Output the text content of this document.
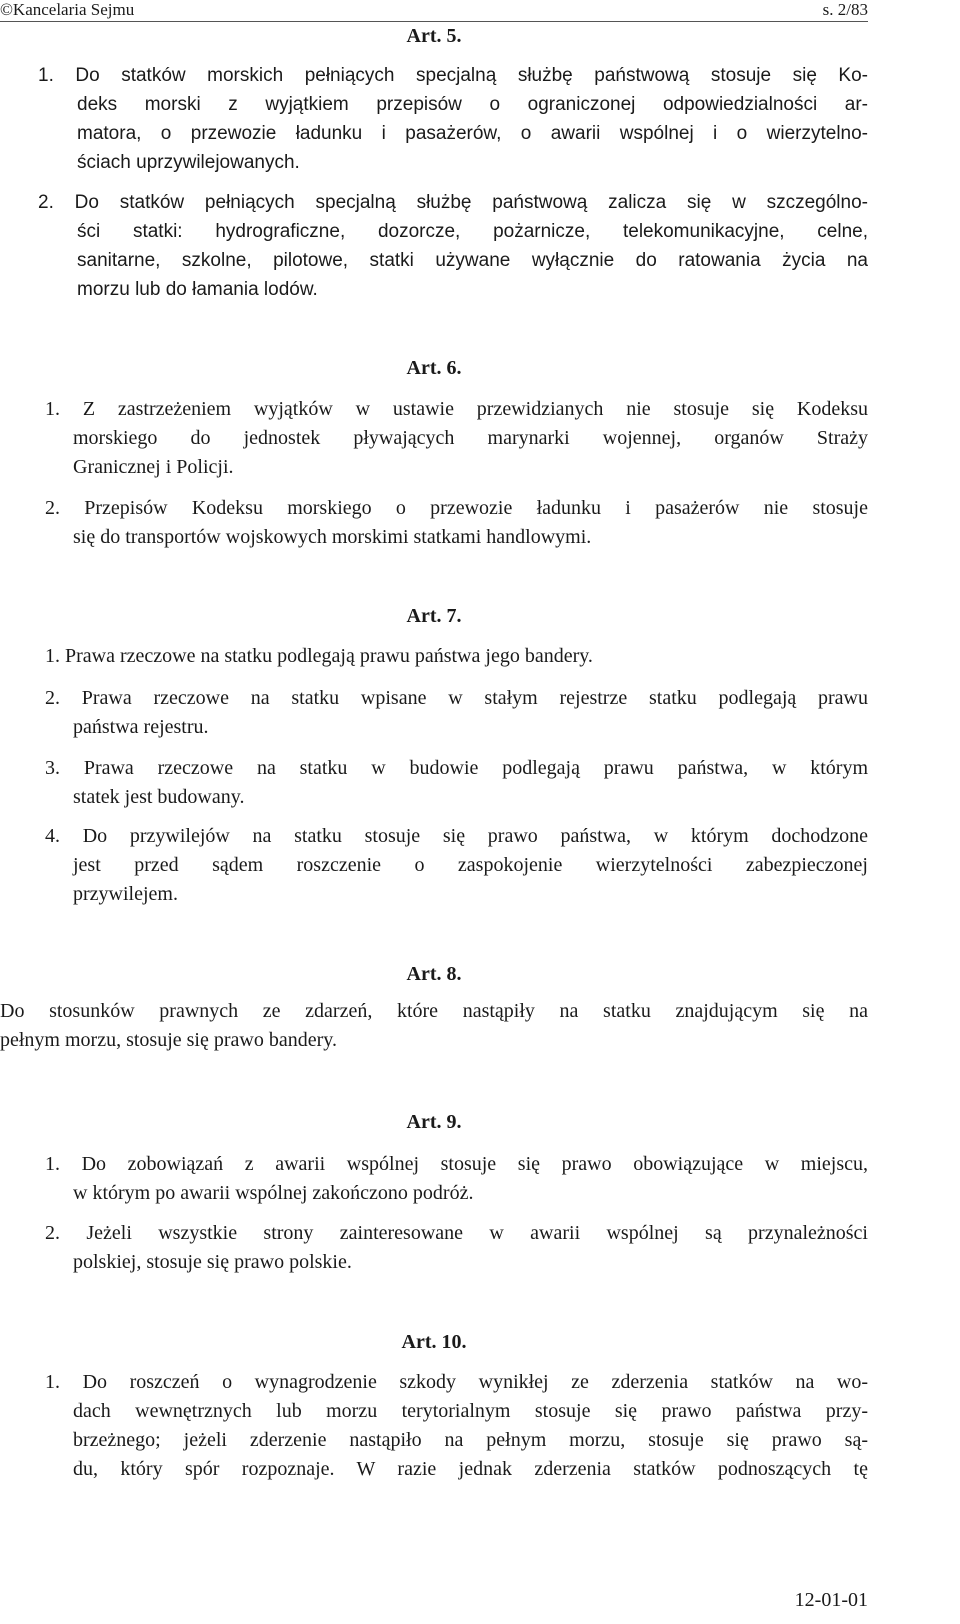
©Kancelaria Sejmu	s. 2/83
Art. 5.
1. Do statków morskich pełniących specjalną służbę państwową stosuje się Ko-
deks morski z wyjątkiem przepisów o ograniczonej odpowiedzialności ar-
matora, o przewozie ładunku i pasażerów, o awarii wspólnej i o wierzytelno-
ściach uprzywilejowanych.
2. Do statków pełniących specjalną służbę państwową zalicza się w szczególno-
ści statki: hydrograficzne, dozorcze, pożarnicze, telekomunikacyjne, celne,
sanitarne, szkolne, pilotowe, statki używane wyłącznie do ratowania życia na
morzu lub do łamania lodów.
Art. 6.
1. Z zastrzeżeniem wyjątków w ustawie przewidzianych nie stosuje się Kodeksu
morskiego do jednostek pływających marynarki wojennej, organów Straży
Granicznej i Policji.
2. Przepisów Kodeksu morskiego o przewozie ładunku i pasażerów nie stosuje
się do transportów wojskowych morskimi statkami handlowymi.
Art. 7.
1. Prawa rzeczowe na statku podlegają prawu państwa jego bandery.
2. Prawa rzeczowe na statku wpisane w stałym rejestrze statku podlegają prawu
państwa rejestru.
3. Prawa rzeczowe na statku w budowie podlegają prawu państwa, w którym
statek jest budowany.
4. Do przywilejów na statku stosuje się prawo państwa, w którym dochodzone
jest przed sądem roszczenie o zaspokojenie wierzytelności zabezpieczonej
przywilejem.
Art. 8.
Do stosunków prawnych ze zdarzeń, które nastąpiły na statku znajdującym się na
pełnym morzu, stosuje się prawo bandery.
Art. 9.
1. Do zobowiązań z awarii wspólnej stosuje się prawo obowiązujące w miejscu,
w którym po awarii wspólnej zakończono podróż.
2. Jeżeli wszystkie strony zainteresowane w awarii wspólnej są przynależności
polskiej, stosuje się prawo polskie.
Art. 10.
1. Do roszczeń o wynagrodzenie szkody wynikłej ze zderzenia statków na wo-
dach wewnętrznych lub morzu terytorialnym stosuje się prawo państwa przy-
brzeżnego; jeżeli zderzenie nastąpiło na pełnym morzu, stosuje się prawo są-
du, który spór rozpoznaje. W razie jednak zderzenia statków podnoszących tę
12-01-01
